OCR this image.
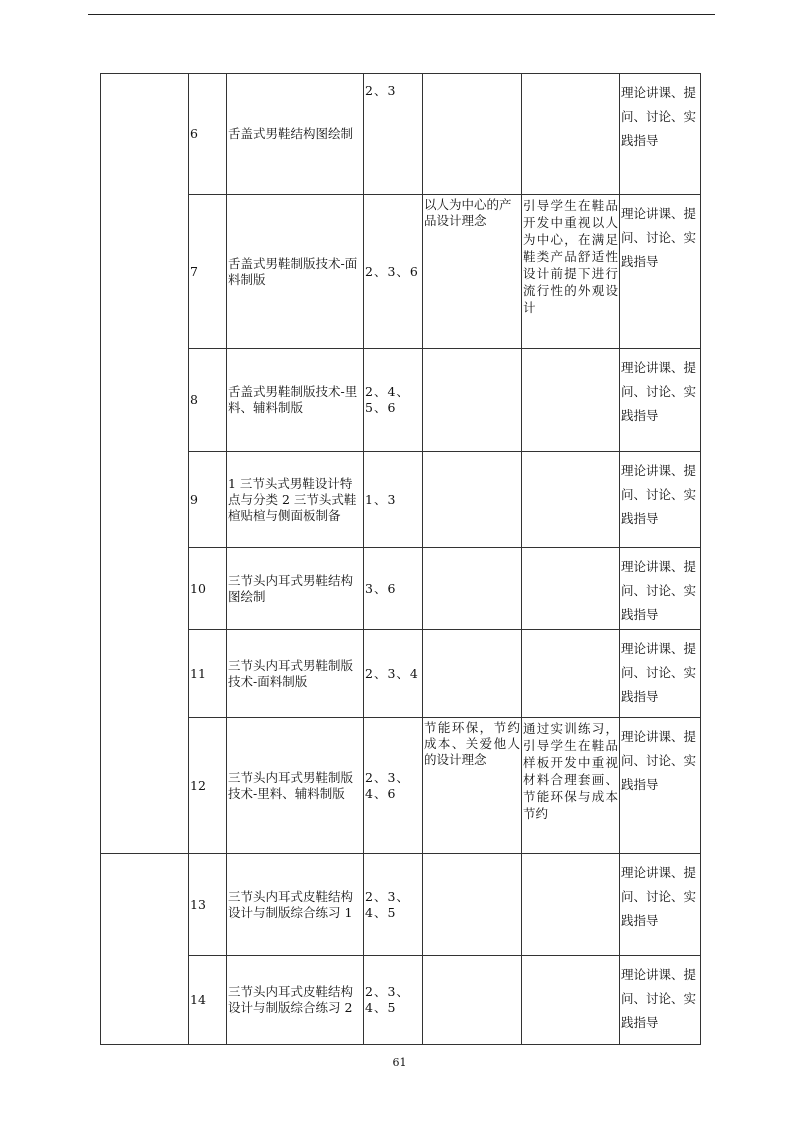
	6	舌盖式男鞋结构图绘制	2、3			理论讲课、提问、讨论、实践指导
	7	舌盖式男鞋制版技术-面料制版	2、3、6	以人为中心的产品设计理念	引导学生在鞋品开发中重视以人为中心，在满足鞋类产品舒适性设计前提下进行流行性的外观设计	理论讲课、提问、讨论、实践指导
	8	舌盖式男鞋制版技术-里料、辅料制版	2、4、5、6			理论讲课、提问、讨论、实践指导
	9	1 三节头式男鞋设计特点与分类 2 三节头式鞋楦贴楦与侧面板制备	1、3			理论讲课、提问、讨论、实践指导
	10	三节头内耳式男鞋结构图绘制	3、6			理论讲课、提问、讨论、实践指导
	11	三节头内耳式男鞋制版技术-面料制版	2、3、4			理论讲课、提问、讨论、实践指导
	12	三节头内耳式男鞋制版技术-里料、辅料制版	2、3、4、6	节能环保，节约成本、关爱他人的设计理念	通过实训练习，引导学生在鞋品样板开发中重视材料合理套画、节能环保与成本节约	理论讲课、提问、讨论、实践指导
	13	三节头内耳式皮鞋结构设计与制版综合练习 1	2、3、4、5			理论讲课、提问、讨论、实践指导
	14	三节头内耳式皮鞋结构设计与制版综合练习 2	2、3、4、5			理论讲课、提问、讨论、实践指导
61
